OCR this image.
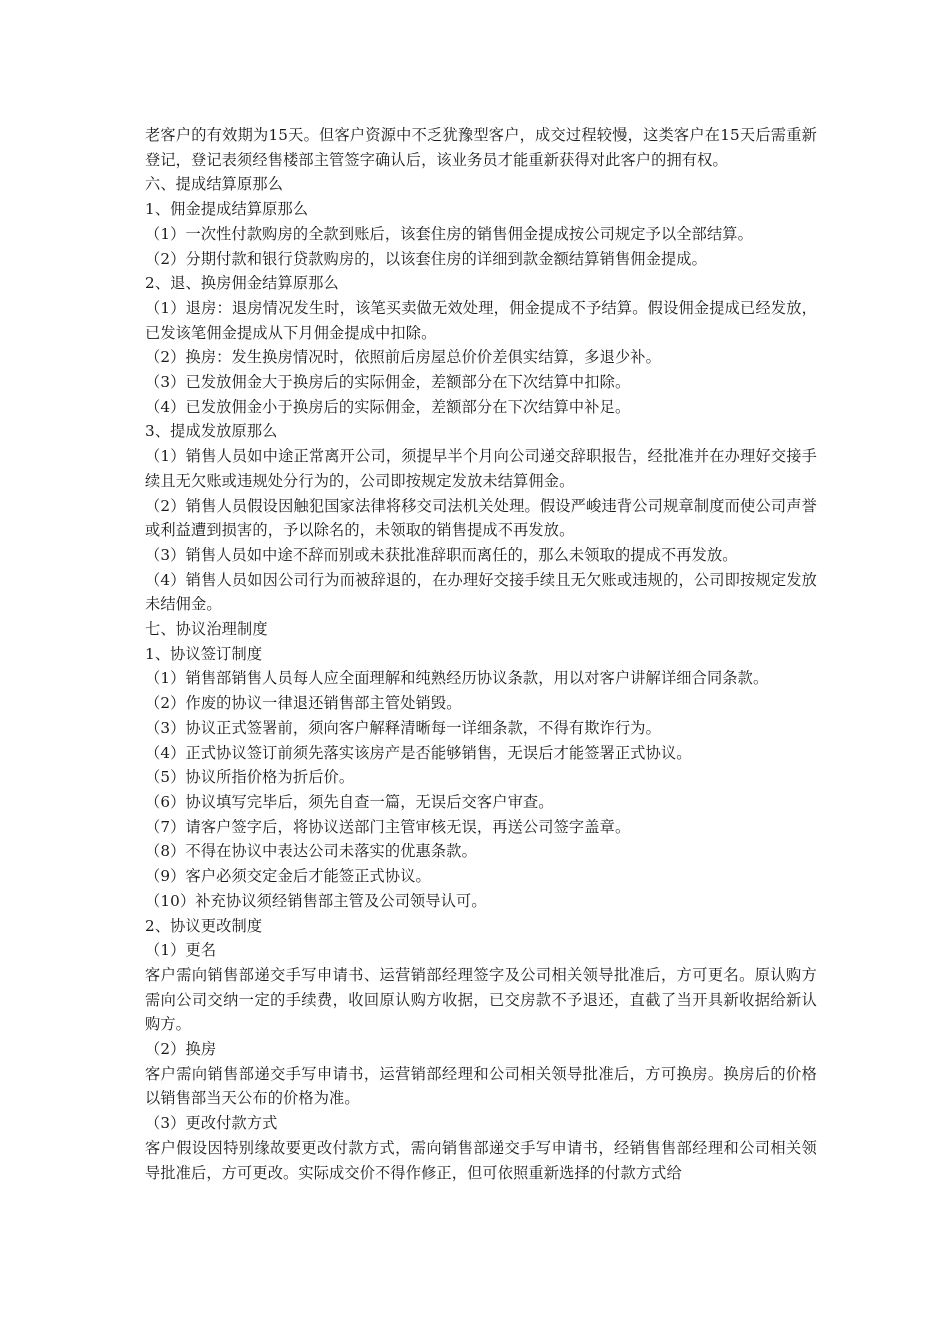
老客户的有效期为15天。但客户资源中不乏犹豫型客户，成交过程较慢，这类客户在15天后需重新登记，登记表须经售楼部主管签字确认后，该业务员才能重新获得对此客户的拥有权。

六、提成结算原那么

1、佣金提成结算原那么

（1）一次性付款购房的全款到账后，该套住房的销售佣金提成按公司规定予以全部结算。

（2）分期付款和银行贷款购房的，以该套住房的详细到款金额结算销售佣金提成。

2、退、换房佣金结算原那么

（1）退房：退房情况发生时，该笔买卖做无效处理，佣金提成不予结算。假设佣金提成已经发放，已发该笔佣金提成从下月佣金提成中扣除。

（2）换房：发生换房情况时，依照前后房屋总价价差俱实结算，多退少补。

（3）已发放佣金大于换房后的实际佣金，差额部分在下次结算中扣除。

（4）已发放佣金小于换房后的实际佣金，差额部分在下次结算中补足。

3、提成发放原那么

（1）销售人员如中途正常离开公司，须提早半个月向公司递交辞职报告，经批准并在办理好交接手续且无欠账或违规处分行为的，公司即按规定发放未结算佣金。

（2）销售人员假设因触犯国家法律将移交司法机关处理。假设严峻违背公司规章制度而使公司声誉或利益遭到损害的，予以除名的，未领取的销售提成不再发放。

（3）销售人员如中途不辞而别或未获批准辞职而离任的，那么未领取的提成不再发放。

（4）销售人员如因公司行为而被辞退的，在办理好交接手续且无欠账或违规的，公司即按规定发放未结佣金。

七、协议治理制度

1、协议签订制度

（1）销售部销售人员每人应全面理解和纯熟经历协议条款，用以对客户讲解详细合同条款。

（2）作废的协议一律退还销售部主管处销毁。

（3）协议正式签署前，须向客户解释清晰每一详细条款，不得有欺诈行为。

（4）正式协议签订前须先落实该房产是否能够销售，无误后才能签署正式协议。

（5）协议所指价格为折后价。

（6）协议填写完毕后，须先自查一篇，无误后交客户审查。

（7）请客户签字后，将协议送部门主管审核无误，再送公司签字盖章。

（8）不得在协议中表达公司未落实的优惠条款。

（9）客户必须交定金后才能签正式协议。

（10）补充协议须经销售部主管及公司领导认可。

2、协议更改制度

（1）更名

客户需向销售部递交手写申请书、运营销部经理签字及公司相关领导批准后，方可更名。原认购方需向公司交纳一定的手续费，收回原认购方收据，已交房款不予退还，直截了当开具新收据给新认购方。

（2）换房

客户需向销售部递交手写申请书，运营销部经理和公司相关领导批准后，方可换房。换房后的价格以销售部当天公布的价格为准。

（3）更改付款方式

客户假设因特别缘故要更改付款方式，需向销售部递交手写申请书，经销售售部经理和公司相关领导批准后，方可更改。实际成交价不得作修正，但可依照重新选择的付款方式给
